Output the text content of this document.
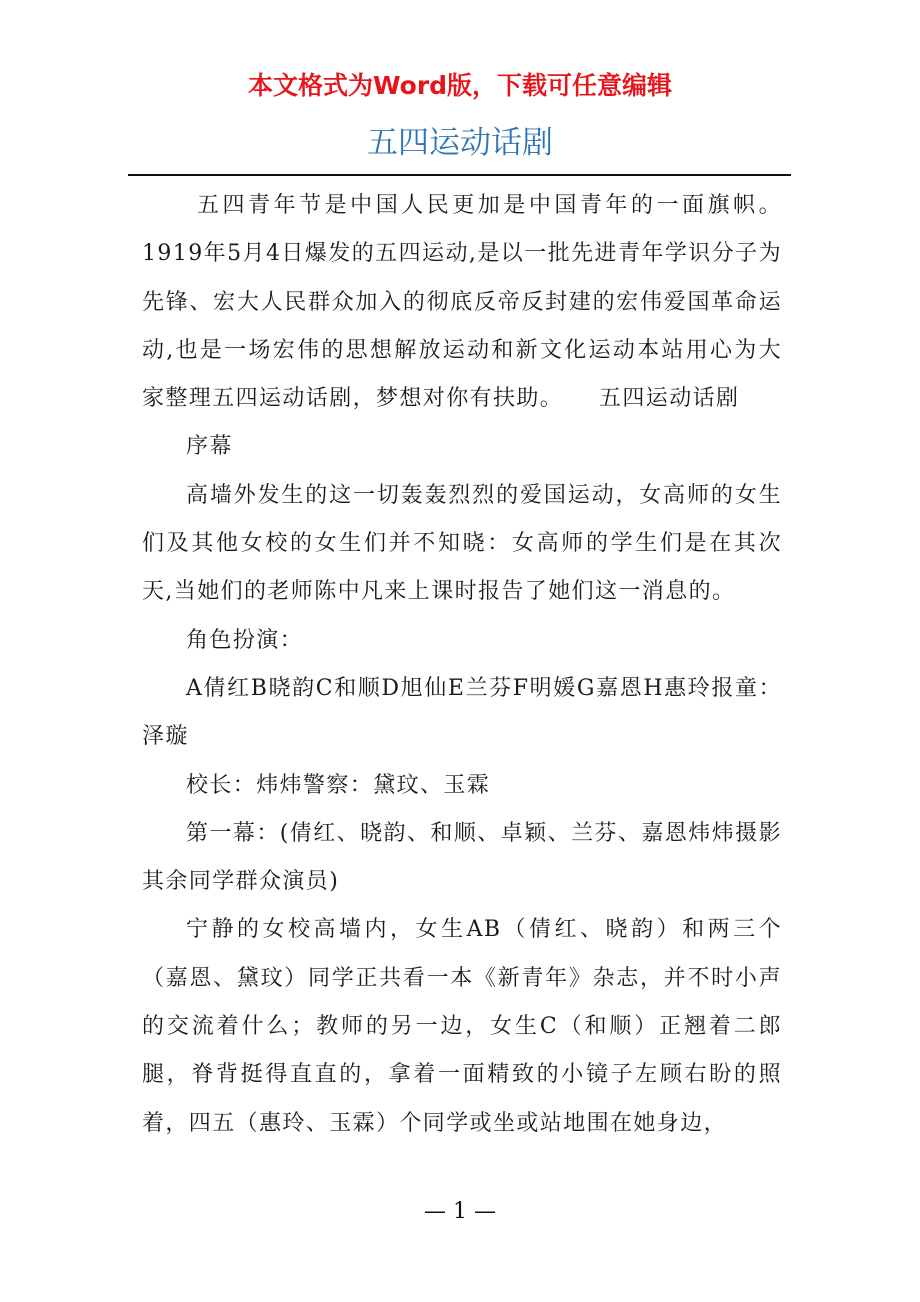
本文格式为Word版，下载可任意编辑
五四运动话剧

五四青年节是中国人民更加是中国青年的一面旗帜。1919年5月4日爆发的五四运动,是以一批先进青年学识分子为先锋、宏大人民群众加入的彻底反帝反封建的宏伟爱国革命运动,也是一场宏伟的思想解放运动和新文化运动本站用心为大家整理五四运动话剧，梦想对你有扶助。　　五四运动话剧

序幕

高墙外发生的这一切轰轰烈烈的爱国运动，女高师的女生们及其他女校的女生们并不知晓：女高师的学生们是在其次天,当她们的老师陈中凡来上课时报告了她们这一消息的。

角色扮演：

A倩红B晓韵C和顺D旭仙E兰芬F明媛G嘉恩H惠玲报童：泽璇

校长：炜炜警察：黛玟、玉霖

第一幕：(倩红、晓韵、和顺、卓颖、兰芬、嘉恩炜炜摄影其余同学群众演员)

宁静的女校高墙内，女生AB（倩红、晓韵）和两三个（嘉恩、黛玟）同学正共看一本《新青年》杂志，并不时小声的交流着什么；教师的另一边，女生C（和顺）正翘着二郎腿，脊背挺得直直的，拿着一面精致的小镜子左顾右盼的照着，四五（惠玲、玉霖）个同学或坐或站地围在她身边，

— 1 —
